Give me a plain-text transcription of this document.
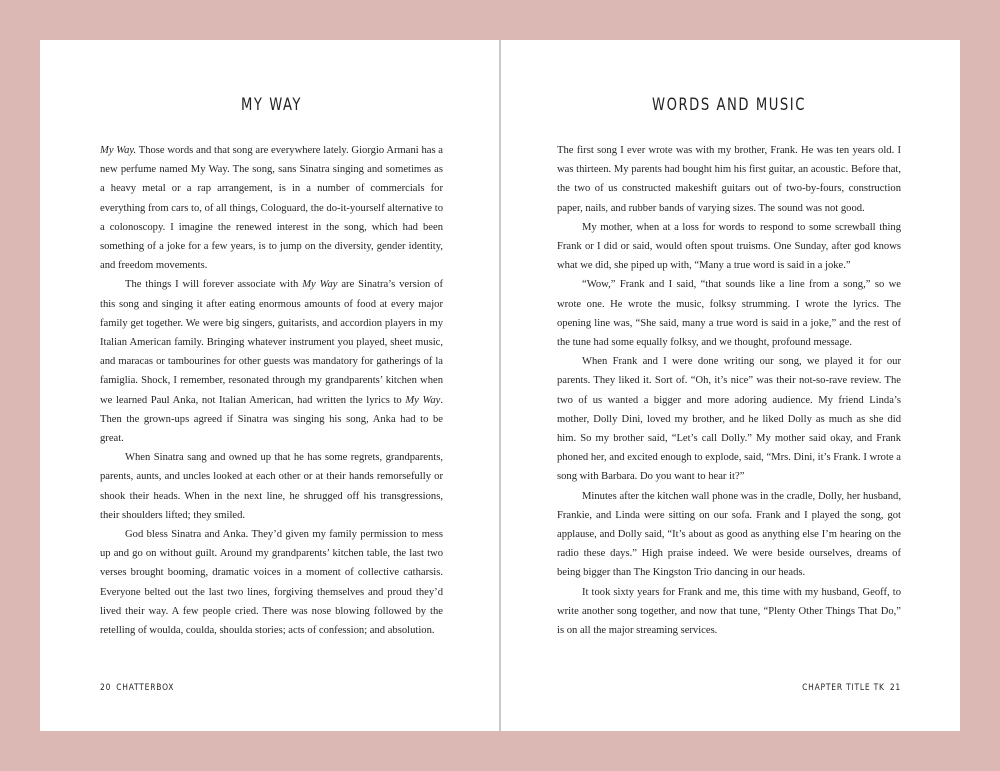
MY WAY

My Way. Those words and that song are everywhere lately. Giorgio Armani has a new perfume named My Way. The song, sans Sinatra singing and sometimes as a heavy metal or a rap arrangement, is in a number of commercials for everything from cars to, of all things, Cologuard, the do-it-yourself alternative to a colonoscopy. I imagine the renewed interest in the song, which had been something of a joke for a few years, is to jump on the diversity, gender identity, and freedom movements.

The things I will forever associate with My Way are Sinatra’s version of this song and singing it after eating enormous amounts of food at every major family get together. We were big singers, guitarists, and accordion players in my Italian American family. Bringing whatever instrument you played, sheet music, and maracas or tambourines for other guests was mandatory for gatherings of la famiglia. Shock, I remember, resonated through my grandparents’ kitchen when we learned Paul Anka, not Italian American, had written the lyrics to My Way. Then the grown-ups agreed if Sinatra was singing his song, Anka had to be great.

When Sinatra sang and owned up that he has some regrets, grandparents, parents, aunts, and uncles looked at each other or at their hands remorsefully or shook their heads. When in the next line, he shrugged off his transgressions, their shoulders lifted; they smiled.

God bless Sinatra and Anka. They’d given my family permission to mess up and go on without guilt. Around my grandparents’ kitchen table, the last two verses brought booming, dramatic voices in a moment of collective catharsis. Everyone belted out the last two lines, forgiving themselves and proud they’d lived their way. A few people cried. There was nose blowing followed by the retelling of woulda, coulda, shoulda stories; acts of confession; and absolution.

20 CHATTERBOX
WORDS AND MUSIC

The first song I ever wrote was with my brother, Frank. He was ten years old. I was thirteen. My parents had bought him his first guitar, an acoustic. Before that, the two of us constructed makeshift guitars out of two-by-fours, construction paper, nails, and rubber bands of varying sizes. The sound was not good.

My mother, when at a loss for words to respond to some screwball thing Frank or I did or said, would often spout truisms. One Sunday, after god knows what we did, she piped up with, “Many a true word is said in a joke.”

“Wow,” Frank and I said, “that sounds like a line from a song,” so we wrote one. He wrote the music, folksy strumming. I wrote the lyrics. The opening line was, “She said, many a true word is said in a joke,” and the rest of the tune had some equally folksy, and we thought, profound message.

When Frank and I were done writing our song, we played it for our parents. They liked it. Sort of. “Oh, it’s nice” was their not-so-rave review. The two of us wanted a bigger and more adoring audience. My friend Linda’s mother, Dolly Dini, loved my brother, and he liked Dolly as much as she did him. So my brother said, “Let’s call Dolly.” My mother said okay, and Frank phoned her, and excited enough to explode, said, “Mrs. Dini, it’s Frank. I wrote a song with Barbara. Do you want to hear it?”

Minutes after the kitchen wall phone was in the cradle, Dolly, her husband, Frankie, and Linda were sitting on our sofa. Frank and I played the song, got applause, and Dolly said, “It’s about as good as anything else I’m hearing on the radio these days.” High praise indeed. We were beside ourselves, dreams of being bigger than The Kingston Trio dancing in our heads.

It took sixty years for Frank and me, this time with my husband, Geoff, to write another song together, and now that tune, “Plenty Other Things That Do,” is on all the major streaming services.

CHAPTER TITLE TK 21
